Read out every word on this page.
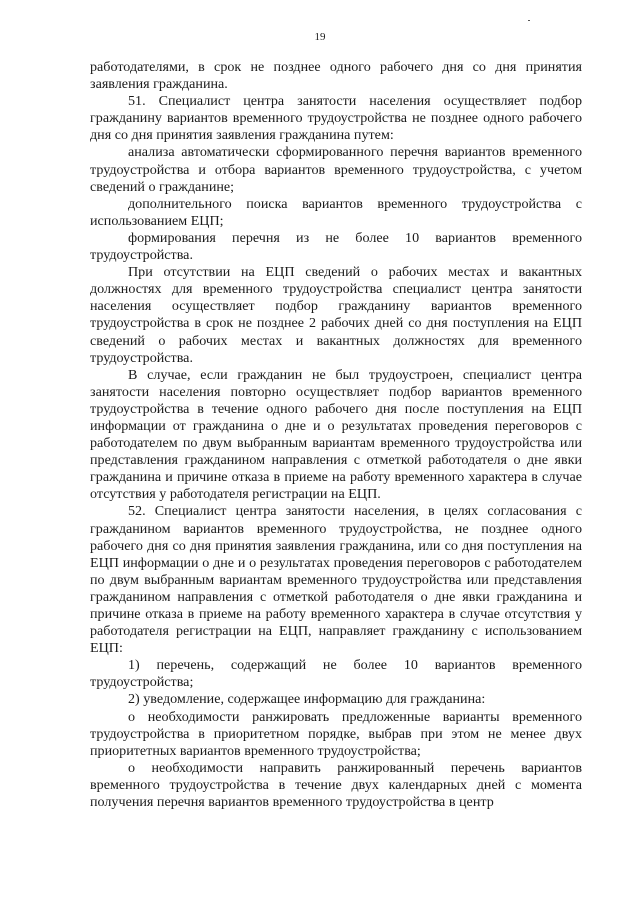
19

работодателями, в срок не позднее одного рабочего дня со дня принятия заявления гражданина.

51. Специалист центра занятости населения осуществляет подбор гражданину вариантов временного трудоустройства не позднее одного рабочего дня со дня принятия заявления гражданина путем:

анализа автоматически сформированного перечня вариантов временного трудоустройства и отбора вариантов временного трудоустройства, с учетом сведений о гражданине;

дополнительного поиска вариантов временного трудоустройства с использованием ЕЦП;

формирования перечня из не более 10 вариантов временного трудоустройства.

При отсутствии на ЕЦП сведений о рабочих местах и вакантных должностях для временного трудоустройства специалист центра занятости населения осуществляет подбор гражданину вариантов временного трудоустройства в срок не позднее 2 рабочих дней со дня поступления на ЕЦП сведений о рабочих местах и вакантных должностях для временного трудоустройства.

В случае, если гражданин не был трудоустроен, специалист центра занятости населения повторно осуществляет подбор вариантов временного трудоустройства в течение одного рабочего дня после поступления на ЕЦП информации от гражданина о дне и о результатах проведения переговоров с работодателем по двум выбранным вариантам временного трудоустройства или представления гражданином направления с отметкой работодателя о дне явки гражданина и причине отказа в приеме на работу временного характера в случае отсутствия у работодателя регистрации на ЕЦП.

52. Специалист центра занятости населения, в целях согласования с гражданином вариантов временного трудоустройства, не позднее одного рабочего дня со дня принятия заявления гражданина, или со дня поступления на ЕЦП информации о дне и о результатах проведения переговоров с работодателем по двум выбранным вариантам временного трудоустройства или представления гражданином направления с отметкой работодателя о дне явки гражданина и причине отказа в приеме на работу временного характера в случае отсутствия у работодателя регистрации на ЕЦП, направляет гражданину с использованием ЕЦП:

1) перечень, содержащий не более 10 вариантов временного трудоустройства;

2) уведомление, содержащее информацию для гражданина:

о необходимости ранжировать предложенные варианты временного трудоустройства в приоритетном порядке, выбрав при этом не менее двух приоритетных вариантов временного трудоустройства;

о необходимости направить ранжированный перечень вариантов временного трудоустройства в течение двух календарных дней с момента получения перечня вариантов временного трудоустройства в центр
